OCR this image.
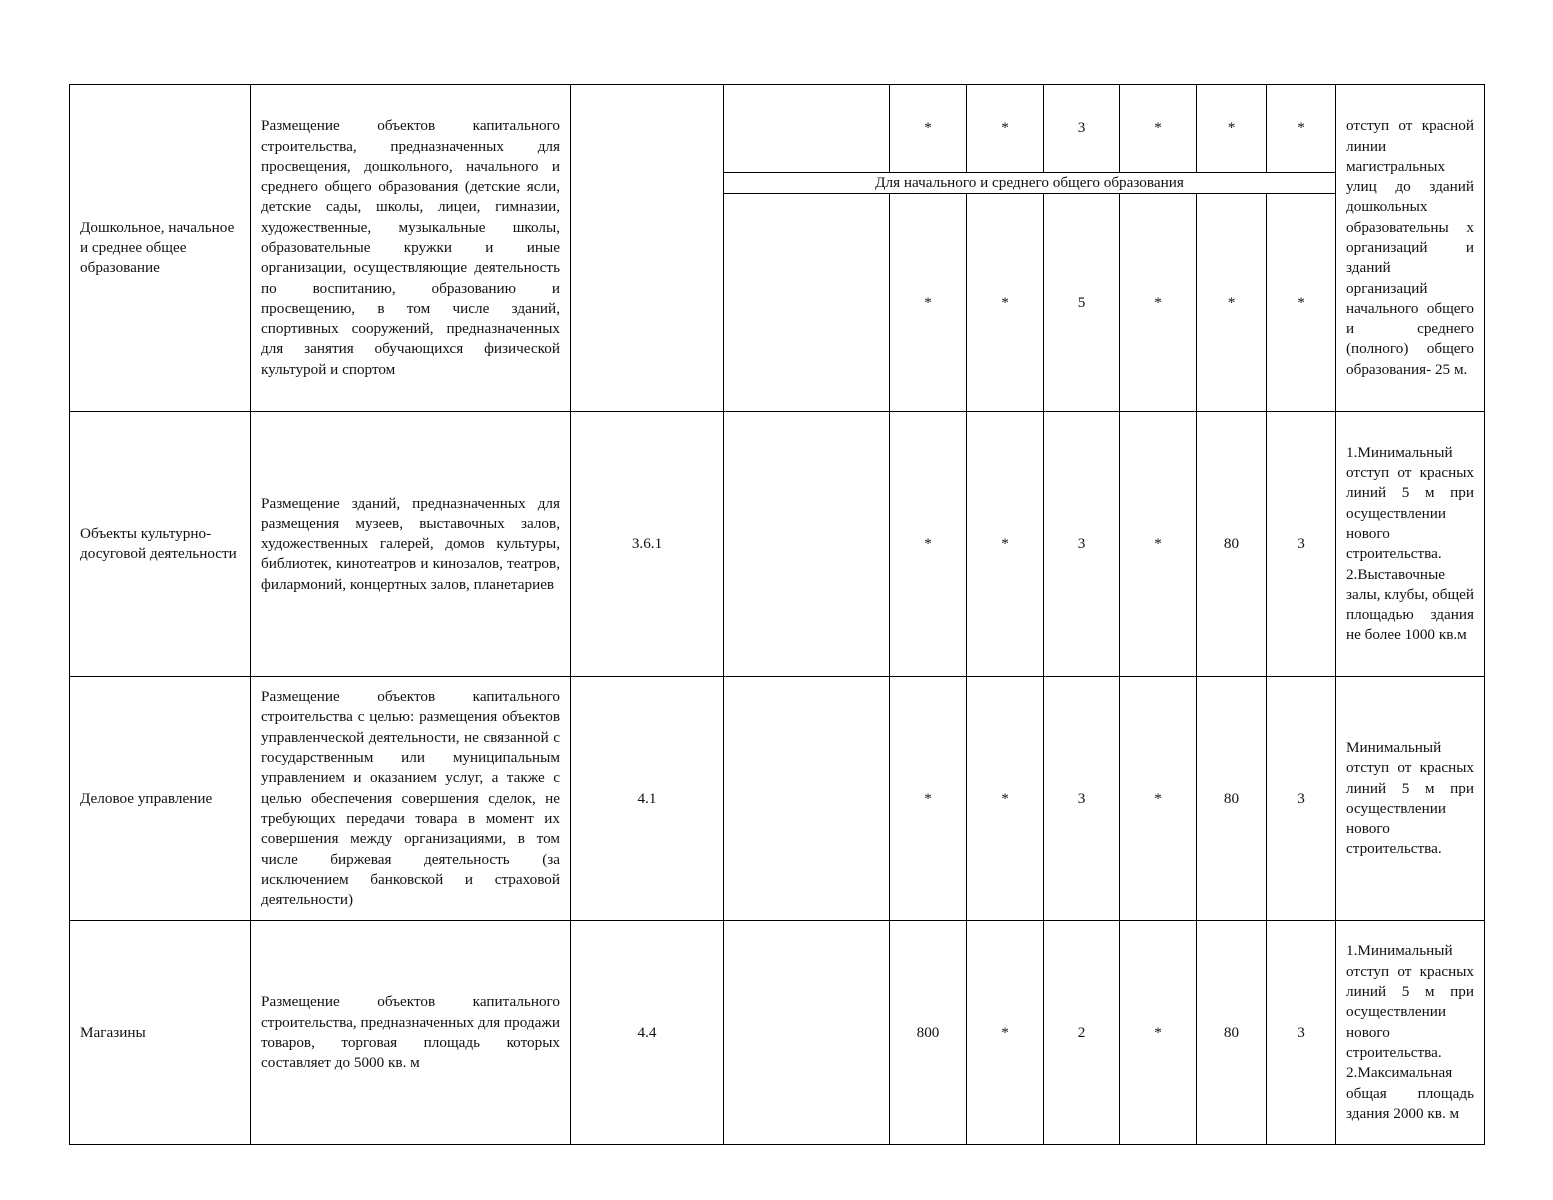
Дошкольное, начальное и среднее общее образование	Размещение объектов капитального строительства, предназначенных для просвещения, дошкольного, начального и среднего общего образования (детские ясли, детские сады, школы, лицеи, гимназии, художественные, музыкальные школы, образовательные кружки и иные организации, осуществляющие деятельность по воспитанию, образованию и просвещению, в том числе зданий, спортивных сооружений, предназначенных для занятия обучающихся физической культурой и спортом			*	*	3	*	*	*	отступ от красной линии магистральных улиц до зданий дошкольных образовательны х организаций и зданий организаций начального общего и среднего (полного) общего образования- 25 м.
			Для начального и среднего общего образования							
				*	*	5	*	*	*	
Объекты культурно-досуговой деятельности	Размещение зданий, предназначенных для размещения музеев, выставочных залов, художественных галерей, домов культуры, библиотек, кинотеатров и кинозалов, театров, филармоний, концертных залов, планетариев	3.6.1		*	*	3	*	80	3	1.Минимальный отступ от красных линий 5 м при осуществлении нового строительства. 2.Выставочные залы, клубы, общей площадью здания не более 1000 кв.м
Деловое управление	Размещение объектов капитального строительства с целью: размещения объектов управленческой деятельности, не связанной с государственным или муниципальным управлением и оказанием услуг, а также с целью обеспечения совершения сделок, не требующих передачи товара в момент их совершения между организациями, в том числе биржевая деятельность (за исключением банковской и страховой деятельности)	4.1		*	*	3	*	80	3	Минимальный отступ от красных линий 5 м при осуществлении нового строительства.
Магазины	Размещение объектов капитального строительства, предназначенных для продажи товаров, торговая площадь которых составляет до 5000 кв. м	4.4		800	*	2	*	80	3	1.Минимальный отступ от красных линий 5 м при осуществлении нового строительства. 2.Максимальная общая площадь здания 2000 кв. м
